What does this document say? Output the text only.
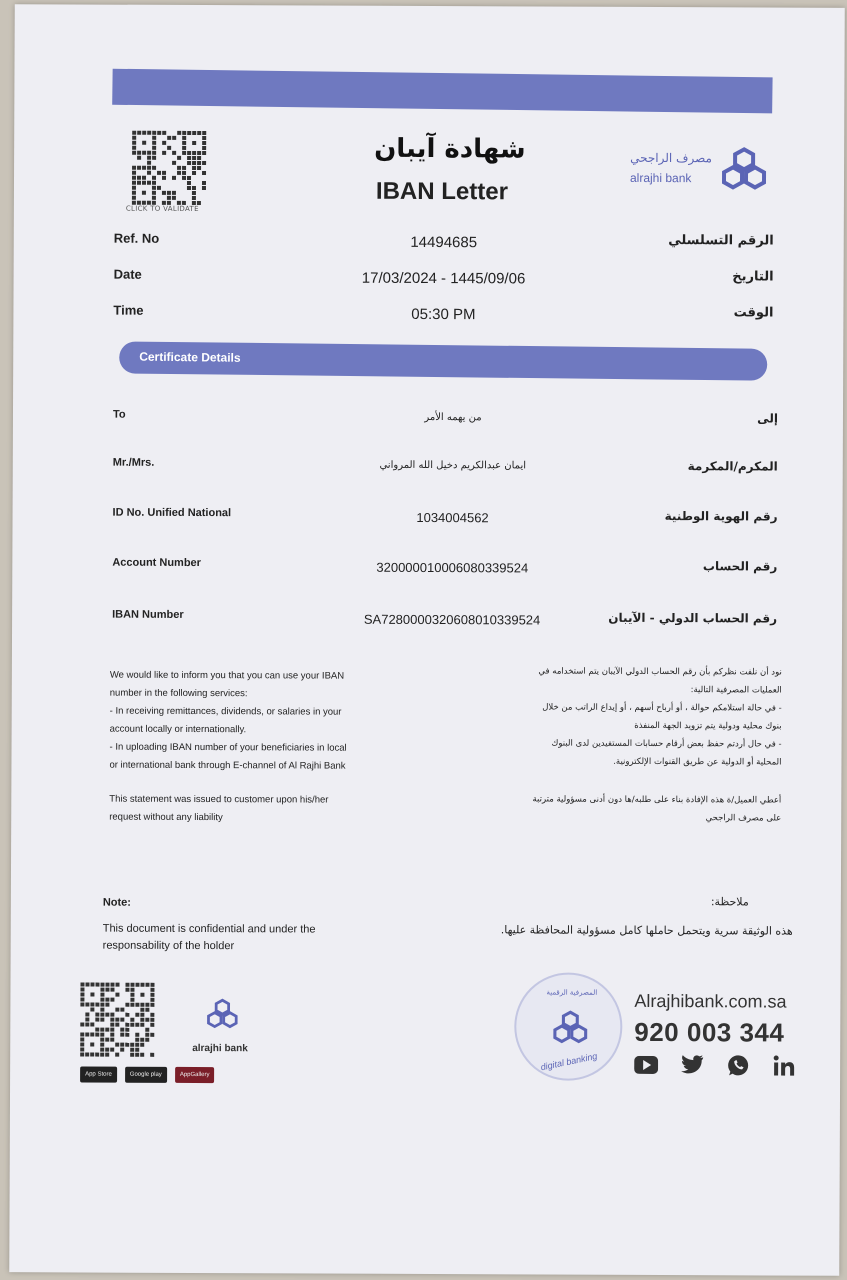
CLICK TO VALIDATE
شهادة آيبان
IBAN Letter
مصرف الراجحي
alrajhi bank
Ref. No	14494685	الرقم التسلسلي
Date	17/03/2024 - 1445/09/06	التاريخ
Time	05:30 PM	الوقت
Certificate Details
To	من يهمه الأمر	إلى
Mr./Mrs.	ايمان عبدالكريم دخيل الله المرواني	المكرم/المكرمة
ID No. Unified National	1034004562	رقم الهوية الوطنية
Account Number	320000010006080339524	رقم الحساب
IBAN Number	SA7280000320608010339524	رقم الحساب الدولي - الآيبان
We would like to inform you that you can use your IBAN
number in the following services:
- In receiving remittances, dividends, or salaries in your
account locally or internationally.
- In uploading IBAN number of your beneficiaries in local
or international bank through E-channel of Al Rajhi Bank
نود أن نلفت نظركم بأن رقم الحساب الدولي الآيبان يتم استخدامه في
العمليات المصرفية التالية:
- في حالة استلامكم حوالة ، أو أرباح أسهم ، أو إيداع الراتب من خلال
بنوك محلية ودولية يتم تزويد الجهة المنفذة
- في حال أردتم حفظ بعض أرقام حسابات المستفيدين لدى البنوك
المحلية أو الدولية عن طريق القنوات الإلكترونية.
This statement was issued to customer upon his/her
request without any liability
أعطي العميل/ة هذه الإفادة بناء على طلبه/ها دون أدنى مسؤولية مترتبة
على مصرف الراجحي
Note:
This document is confidential and under the responsability of the holder
ملاحظة:
هذه الوثيقة سرية ويتحمل حاملها كامل مسؤولية المحافظة عليها.
alrajhi bank
App Store	Google play	AppGallery
المصرفية الرقمية
digital banking
Alrajhibank.com.sa
920 003 344
